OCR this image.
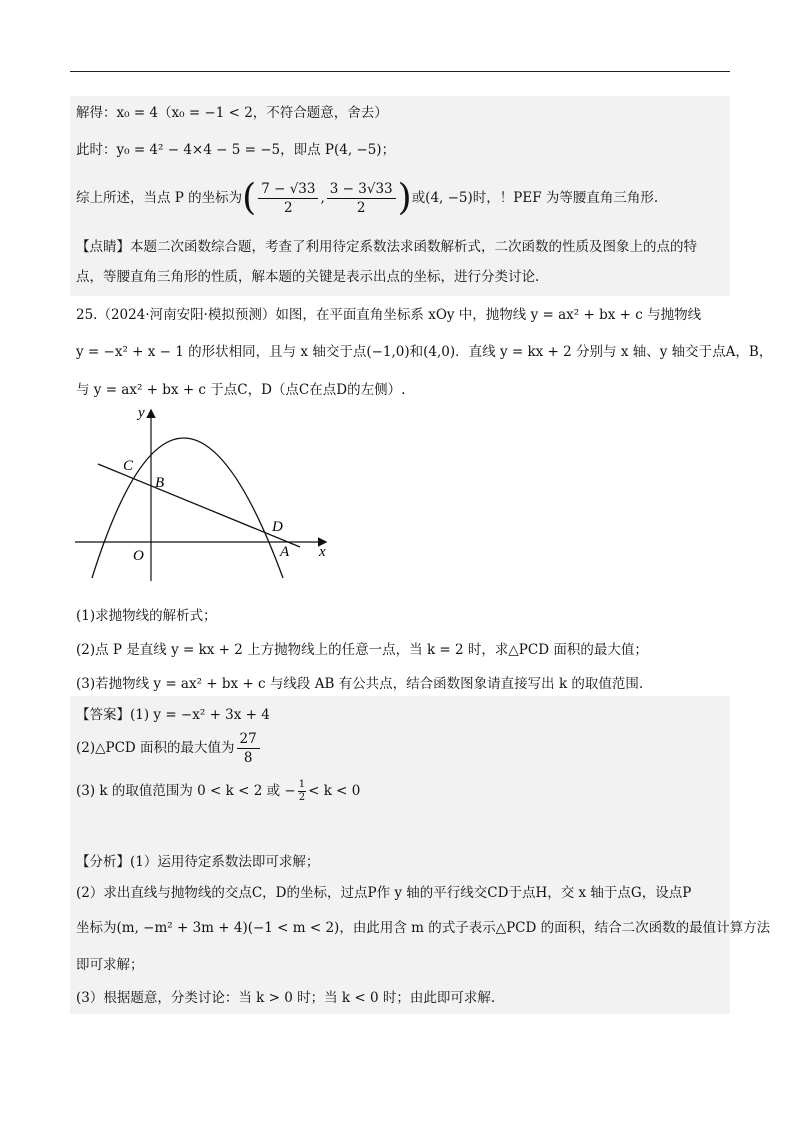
解得：x₀ = 4（x₀ = −1 < 2，不符合题意，舍去）
此时：y₀ = 4² − 4×4 − 5 = −5，即点 P(4, −5)；
综上所述，当点 P 的坐标为( $\frac{7 - √33}{2}$ , $\frac{3 - 3√33}{2}$ )或(4, −5)时，！PEF 为等腰直角三角形.
【点睛】本题二次函数综合题，考查了利用待定系数法求函数解析式，二次函数的性质及图象上的点的特
点，等腰直角三角形的性质，解本题的关键是表示出点的坐标，进行分类讨论.
25.（2024·河南安阳·模拟预测）如图，在平面直角坐标系 xOy 中，抛物线 y = ax² + bx + c 与抛物线
y = −x² + x − 1 的形状相同，且与 x 轴交于点(−1,0)和(4,0)．直线 y = kx + 2 分别与 x 轴、y 轴交于点A，B，
与 y = ax² + bx + c 于点C，D（点C在点D的左侧）.
y
x
O	A
B
C
D
(1)求抛物线的解析式；
(2)点 P 是直线 y = kx + 2 上方抛物线上的任意一点，当 k = 2 时，求△PCD 面积的最大值；
(3)若抛物线 y = ax² + bx + c 与线段 AB 有公共点，结合函数图象请直接写出 k 的取值范围.
【答案】(1) y = −x² + 3x + 4
(2)△PCD 面积的最大值为 $\frac{27}{8}$
(3) k 的取值范围为 0 < k < 2 或 − $\frac{1}{2} < k < 0$
【分析】(1）运用待定系数法即可求解；
(2）求出直线与抛物线的交点C，D的坐标，过点P作 y 轴的平行线交CD于点H，交 x 轴于点G，设点P
坐标为(m, −m² + 3m + 4)(−1 < m < 2)，由此用含 m 的式子表示△PCD 的面积，结合二次函数的最值计算方法
即可求解；
(3）根据题意，分类讨论：当 k > 0 时；当 k < 0 时；由此即可求解.
